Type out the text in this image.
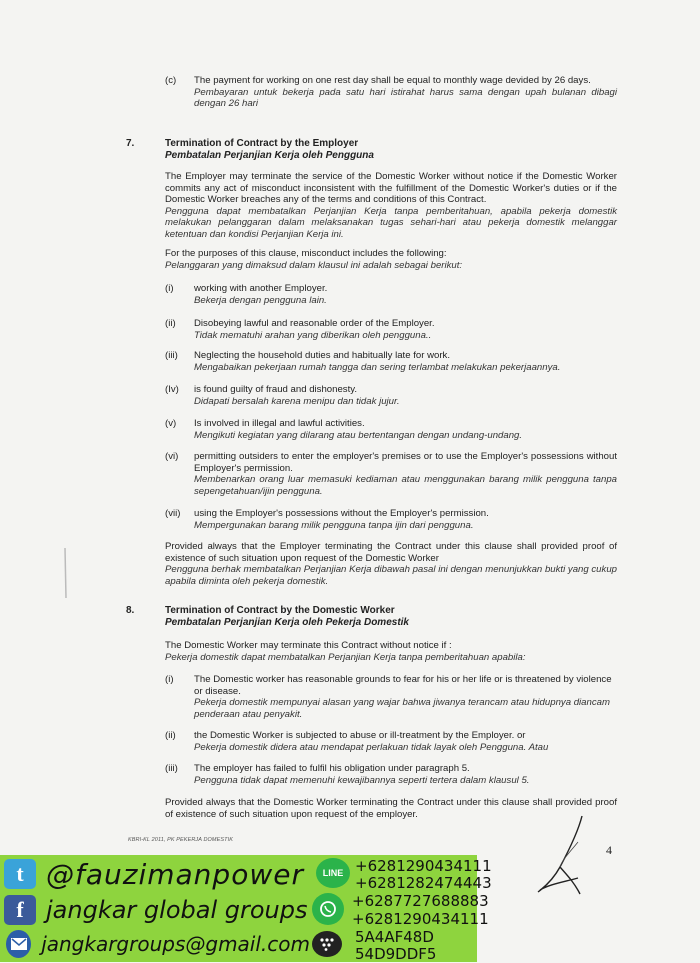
(c) The payment for working on one rest day shall be equal to monthly wage devided by 26 days.
Pembayaran untuk bekerja pada satu hari istirahat harus sama dengan upah bulanan dibagi dengan 26 hari
7.	Termination of Contract by the Employer
Pembatalan Perjanjian Kerja oleh Pengguna
The Employer may terminate the service of the Domestic Worker without notice if the Domestic Worker commits any act of misconduct inconsistent with the fulfillment of the Domestic Worker's duties or if the Domestic Worker breaches any of the terms and conditions of this Contract.
Pengguna dapat membatalkan Perjanjian Kerja tanpa pemberitahuan, apabila pekerja domestik melakukan pelanggaran dalam melaksanakan tugas sehari-hari atau pekerja domestik melanggar ketentuan dan kondisi Perjanjian Kerja ini.
For the purposes of this clause, misconduct includes the following:
Pelanggaran yang dimaksud dalam klausul ini adalah sebagai berikut:
(i) working with another Employer.
Bekerja dengan pengguna lain.
(ii) Disobeying lawful and reasonable order of the Employer.
Tidak mematuhi arahan yang diberikan oleh pengguna..
(iii) Neglecting the household duties and habitually late for work.
Mengabaikan pekerjaan rumah tangga dan sering terlambat melakukan pekerjaannya.
(Iv) is found guilty of fraud and dishonesty.
Didapati bersalah karena menipu dan tidak jujur.
(v) Is involved in illegal and lawful activities.
Mengikuti kegiatan yang dilarang atau bertentangan dengan undang-undang.
(vi) permitting outsiders to enter the employer's premises or to use the Employer's possessions without Employer's permission.
Membenarkan orang luar memasuki kediaman atau menggunakan barang milik pengguna tanpa sepengetahuan/ijin pengguna.
(vii) using the Employer's possessions without the Employer's permission.
Mempergunakan barang milik pengguna tanpa ijin dari pengguna.
Provided always that the Employer terminating the Contract under this clause shall provided proof of existence of such situation upon request of the Domestic Worker
Pengguna berhak membatalkan Perjanjian Kerja dibawah pasal ini dengan menunjukkan bukti yang cukup apabila diminta oleh pekerja domestik.
8.	Termination of Contract by the Domestic Worker
Pembatalan Perjanjian Kerja oleh Pekerja Domestik
The Domestic Worker may terminate this Contract without notice if :
Pekerja domestik dapat membatalkan Perjanjian Kerja tanpa pemberitahuan apabila:
(i) The Domestic worker has reasonable grounds to fear for his or her life or is threatened by violence or disease.
Pekerja domestik mempunyai alasan yang wajar bahwa jiwanya terancam atau hidupnya diancam penderaan atau penyakit.
(ii) the Domestic Worker is subjected to abuse or ill-treatment by the Employer. or
Pekerja domestik didera atau mendapat perlakuan tidak layak oleh Pengguna. Atau
(iii) The employer has failed to fulfil his obligation under paragraph 5.
Pengguna tidak dapat memenuhi kewajibannya seperti tertera dalam klausul 5.
Provided always that the Domestic Worker terminating the Contract under this clause shall provided proof of existence of such situation upon request of the employer.
KBRI-KL 2011, PK PEKERJA DOMESTIK
4
t @fauzimanpower
f jangkar global groups
jangkargroups@gmail.com
LINE +6281290434111
+6281282474443
+6287727688883
+6281290434111
5A4AF48D
54D9DDF5
